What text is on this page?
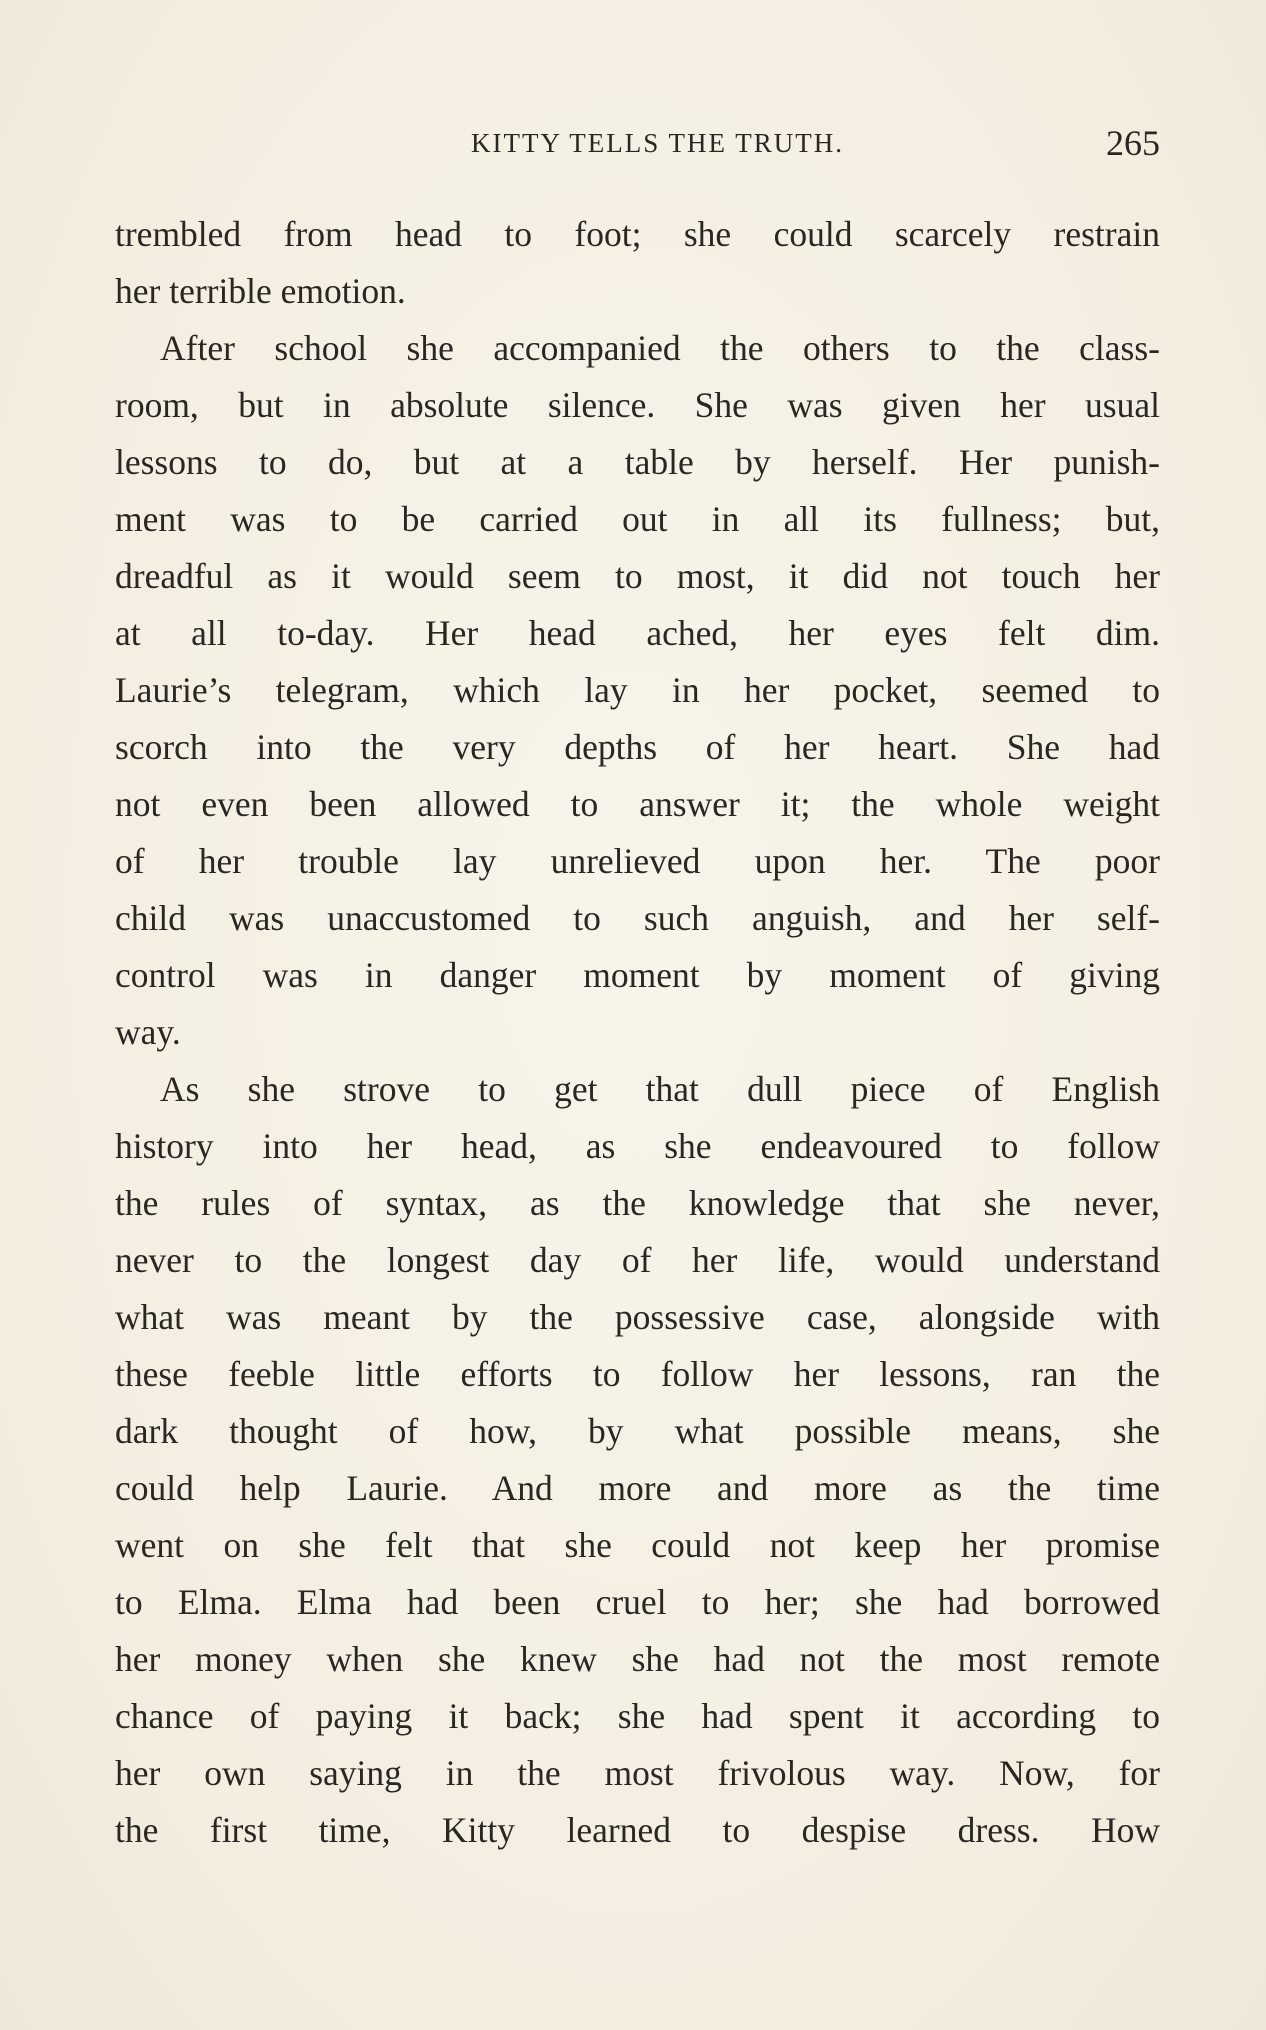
KITTY TELLS THE TRUTH.	265
trembled from head to foot; she could scarcely restrain
her terrible emotion.
After school she accompanied the others to the class-
room, but in absolute silence. She was given her usual
lessons to do, but at a table by herself. Her punish-
ment was to be carried out in all its fullness; but,
dreadful as it would seem to most, it did not touch her
at all to-day. Her head ached, her eyes felt dim.
Laurie’s telegram, which lay in her pocket, seemed to
scorch into the very depths of her heart. She had
not even been allowed to answer it; the whole weight
of her trouble lay unrelieved upon her. The poor
child was unaccustomed to such anguish, and her self-
control was in danger moment by moment of giving
way.
As she strove to get that dull piece of English
history into her head, as she endeavoured to follow
the rules of syntax, as the knowledge that she never,
never to the longest day of her life, would understand
what was meant by the possessive case, alongside with
these feeble little efforts to follow her lessons, ran the
dark thought of how, by what possible means, she
could help Laurie. And more and more as the time
went on she felt that she could not keep her promise
to Elma. Elma had been cruel to her; she had borrowed
her money when she knew she had not the most remote
chance of paying it back; she had spent it according to
her own saying in the most frivolous way. Now, for
the first time, Kitty learned to despise dress. How
